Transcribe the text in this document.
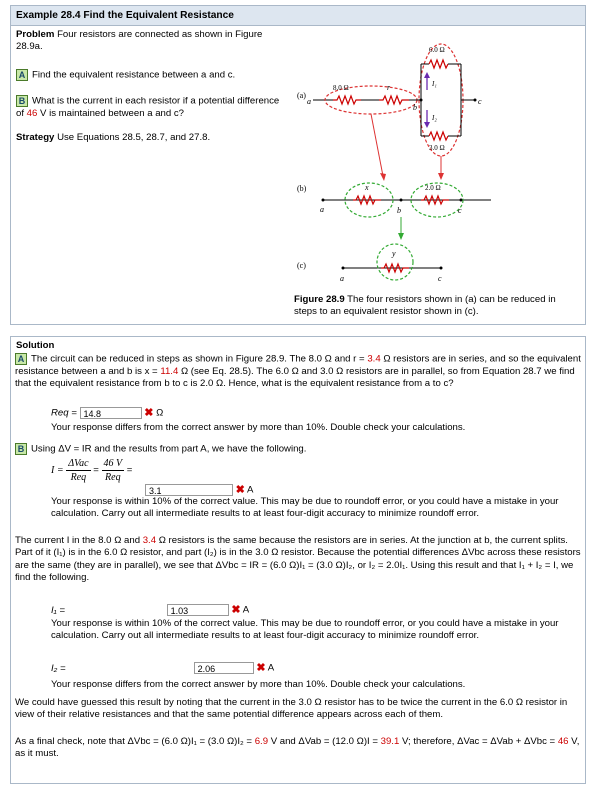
Example 28.4 Find the Equivalent Resistance
Problem Four resistors are connected as shown in Figure 28.9a.
A Find the equivalent resistance between a and c.
B What is the current in each resistor if a potential difference of 46 V is maintained between a and c?
Strategy Use Equations 28.5, 28.7, and 27.8.
(a)
a
8.0 Ω	r
b
6.0 Ω
3.0 Ω
c
I₁
I₂
(b)
a
x
b
2.0 Ω
c
(c)
a
y
c
Figure 28.9 The four resistors shown in (a) can be reduced in steps to an equivalent resistor shown in (c).
Solution
A The circuit can be reduced in steps as shown in Figure 28.9. The 8.0 Ω and r = 3.4 Ω resistors are in series, and so the equivalent resistance between a and b is x = 11.4 Ω (see Eq. 28.5). The 6.0 Ω and 3.0 Ω resistors are in parallel, so from Equation 28.7 we find that the equivalent resistance from b to c is 2.0 Ω. Hence, what is the equivalent resistance from a to c?
Req = 14.8	✖ Ω
Your response differs from the correct answer by more than 10%. Double check your calculations.
B Using ΔV = IR and the results from part A, we have the following.
$I = \frac{\text{ΔVac}}{\text{Req}} = \frac{46 V}{\text{Req}}$ =
3.1	✖ A
Your response is within 10% of the correct value. This may be due to roundoff error, or you could have a mistake in your calculation. Carry out all intermediate results to at least four-digit accuracy to minimize roundoff error.
The current I in the 8.0 Ω and 3.4 Ω resistors is the same because the resistors are in series. At the junction at b, the current splits. Part of it (I₁) is in the 6.0 Ω resistor, and part (I₂) is in the 3.0 Ω resistor. Because the potential differences ΔVbc across these resistors are the same (they are in parallel), we see that ΔVbc = IR = (6.0 Ω)I₁ = (3.0 Ω)I₂, or I₂ = 2.0I₁. Using this result and that I₁ + I₂ = I, we find the following.
I₁ =	1.03	✖ A
Your response is within 10% of the correct value. This may be due to roundoff error, or you could have a mistake in your calculation. Carry out all intermediate results to at least four-digit accuracy to minimize roundoff error.
I₂ =	2.06	✖ A
Your response differs from the correct answer by more than 10%. Double check your calculations.
We could have guessed this result by noting that the current in the 3.0 Ω resistor has to be twice the current in the 6.0 Ω resistor in view of their relative resistances and that the same potential difference appears across each of them.
As a final check, note that ΔVbc = (6.0 Ω)I₁ = (3.0 Ω)I₂ = 6.9 V and ΔVab = (12.0 Ω)I = 39.1 V; therefore, ΔVac = ΔVab + ΔVbc = 46 V, as it must.
